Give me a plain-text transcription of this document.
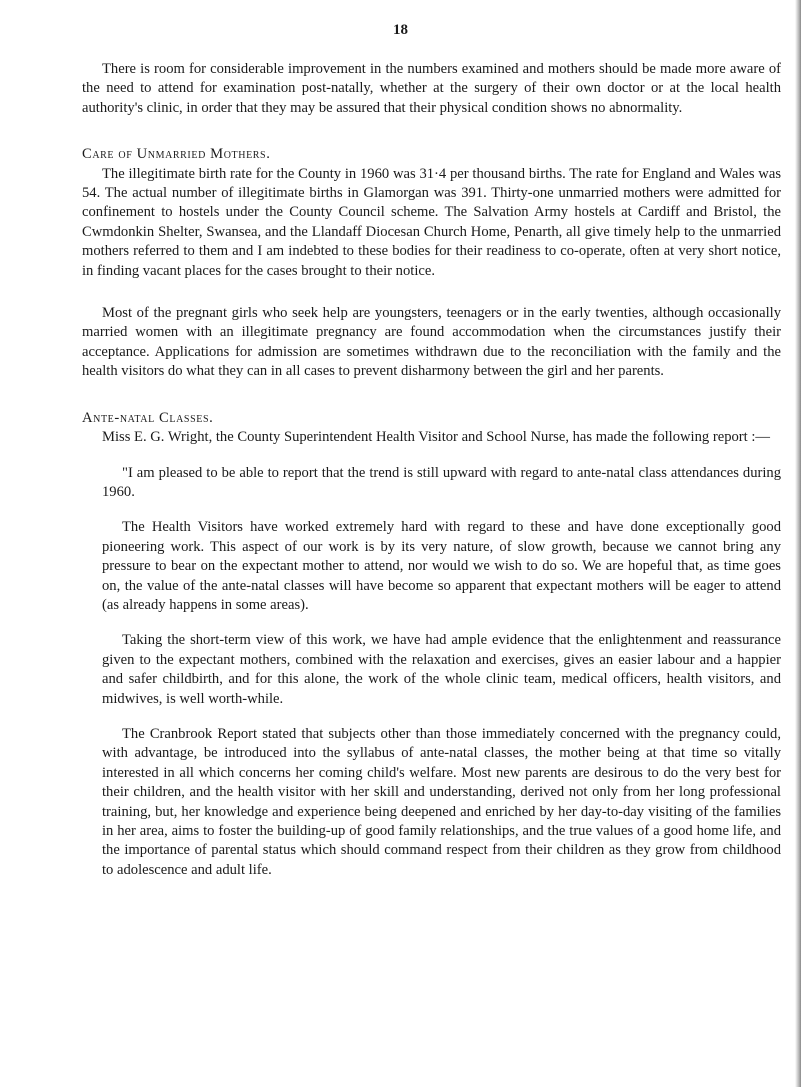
18

There is room for considerable improvement in the numbers examined and mothers should be made more aware of the need to attend for examination post-natally, whether at the surgery of their own doctor or at the local health authority's clinic, in order that they may be assured that their physical condition shows no abnormality.

Care of Unmarried Mothers.

The illegitimate birth rate for the County in 1960 was 31·4 per thousand births. The rate for England and Wales was 54. The actual number of illegitimate births in Glamorgan was 391. Thirty-one unmarried mothers were admitted for confinement to hostels under the County Council scheme. The Salvation Army hostels at Cardiff and Bristol, the Cwmdonkin Shelter, Swansea, and the Llandaff Diocesan Church Home, Penarth, all give timely help to the unmarried mothers referred to them and I am indebted to these bodies for their readiness to co-operate, often at very short notice, in finding vacant places for the cases brought to their notice.

Most of the pregnant girls who seek help are youngsters, teenagers or in the early twenties, although occasionally married women with an illegitimate pregnancy are found accommodation when the circumstances justify their acceptance. Applications for admission are sometimes withdrawn due to the reconciliation with the family and the health visitors do what they can in all cases to prevent disharmony between the girl and her parents.

Ante-natal Classes.

Miss E. G. Wright, the County Superintendent Health Visitor and School Nurse, has made the following report :—

"I am pleased to be able to report that the trend is still upward with regard to ante-natal class attendances during 1960.

The Health Visitors have worked extremely hard with regard to these and have done exceptionally good pioneering work. This aspect of our work is by its very nature, of slow growth, because we cannot bring any pressure to bear on the expectant mother to attend, nor would we wish to do so. We are hopeful that, as time goes on, the value of the ante-natal classes will have become so apparent that expectant mothers will be eager to attend (as already happens in some areas).

Taking the short-term view of this work, we have had ample evidence that the enlightenment and reassurance given to the expectant mothers, combined with the relaxation and exercises, gives an easier labour and a happier and safer childbirth, and for this alone, the work of the whole clinic team, medical officers, health visitors, and midwives, is well worth-while.

The Cranbrook Report stated that subjects other than those immediately concerned with the pregnancy could, with advantage, be introduced into the syllabus of ante-natal classes, the mother being at that time so vitally interested in all which concerns her coming child's welfare. Most new parents are desirous to do the very best for their children, and the health visitor with her skill and understanding, derived not only from her long professional training, but, her knowledge and experience being deepened and enriched by her day-to-day visiting of the families in her area, aims to foster the building-up of good family relationships, and the true values of a good home life, and the importance of parental status which should command respect from their children as they grow from childhood to adolescence and adult life.
